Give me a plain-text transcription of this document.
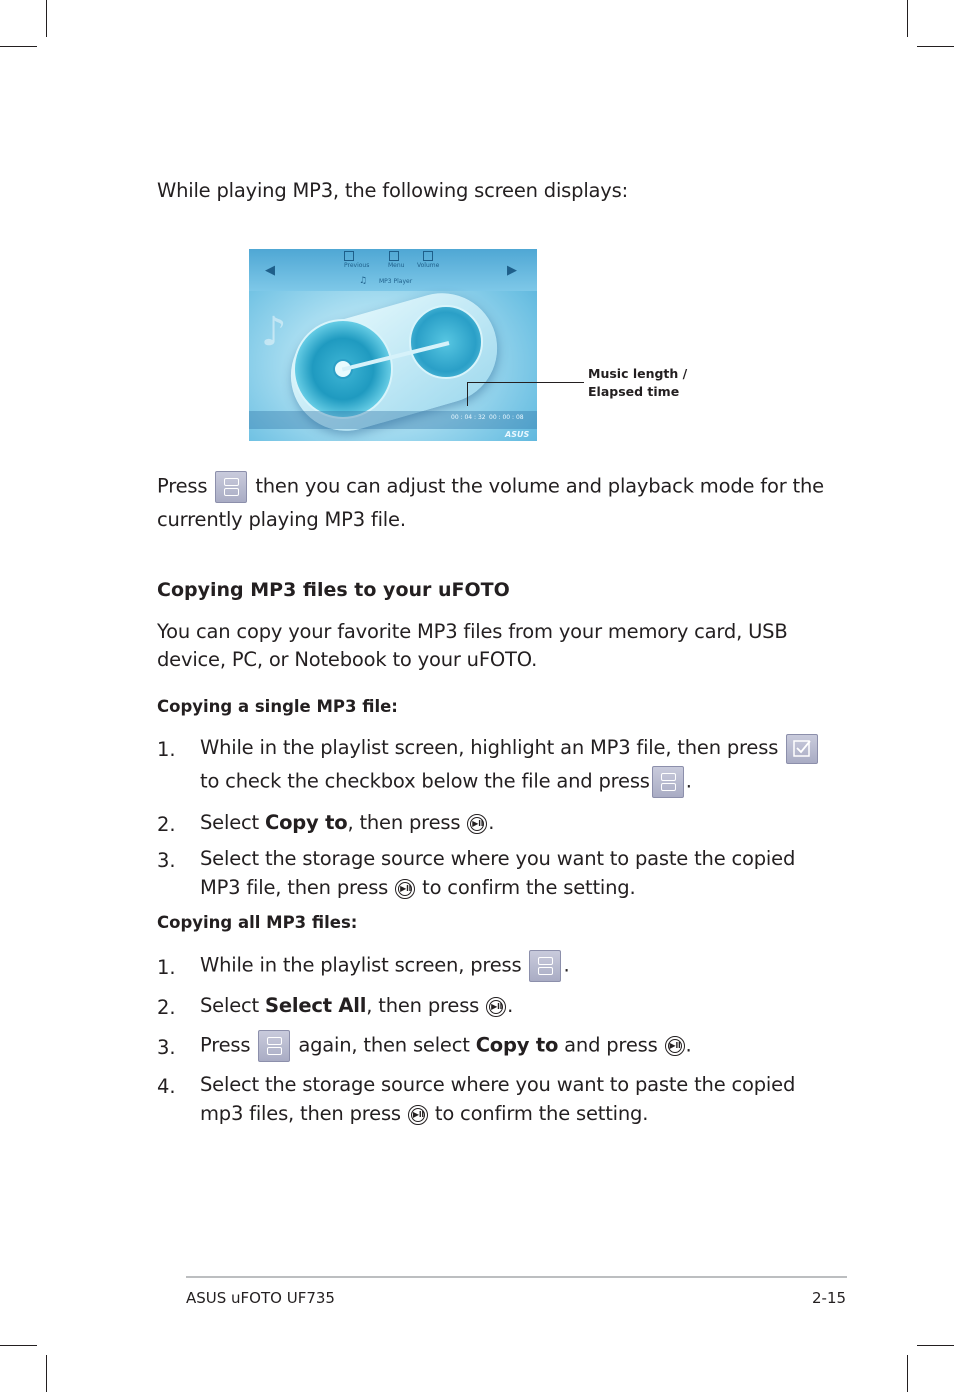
While playing MP3, the following screen displays:
◀	▶
Previous	Menu Volume
♫ MP3 Player
♪
00 : 04 : 32 00 : 00 : 08
ASUS
Music length /
Elapsed time
Press then you can adjust the volume and playback mode for the
currently playing MP3 file.
Copying MP3 files to your uFOTO
You can copy your favorite MP3 files from your memory card, USB
device, PC, or Notebook to your uFOTO.
Copying a single MP3 file:
1. While in the playlist screen, highlight an MP3 file, then press
to check the checkbox below the file and press .
2. Select Copy to, then press ▶ll .
3. Select the storage source where you want to paste the copied
MP3 file, then press ▶ll to confirm the setting.
Copying all MP3 files:
1. While in the playlist screen, press .
2. Select Select All, then press ▶ll .
3. Press again, then select Copy to and press ▶ll .
4. Select the storage source where you want to paste the copied
mp3 files, then press ▶ll to confirm the setting.
ASUS uFOTO UF735	2-15
